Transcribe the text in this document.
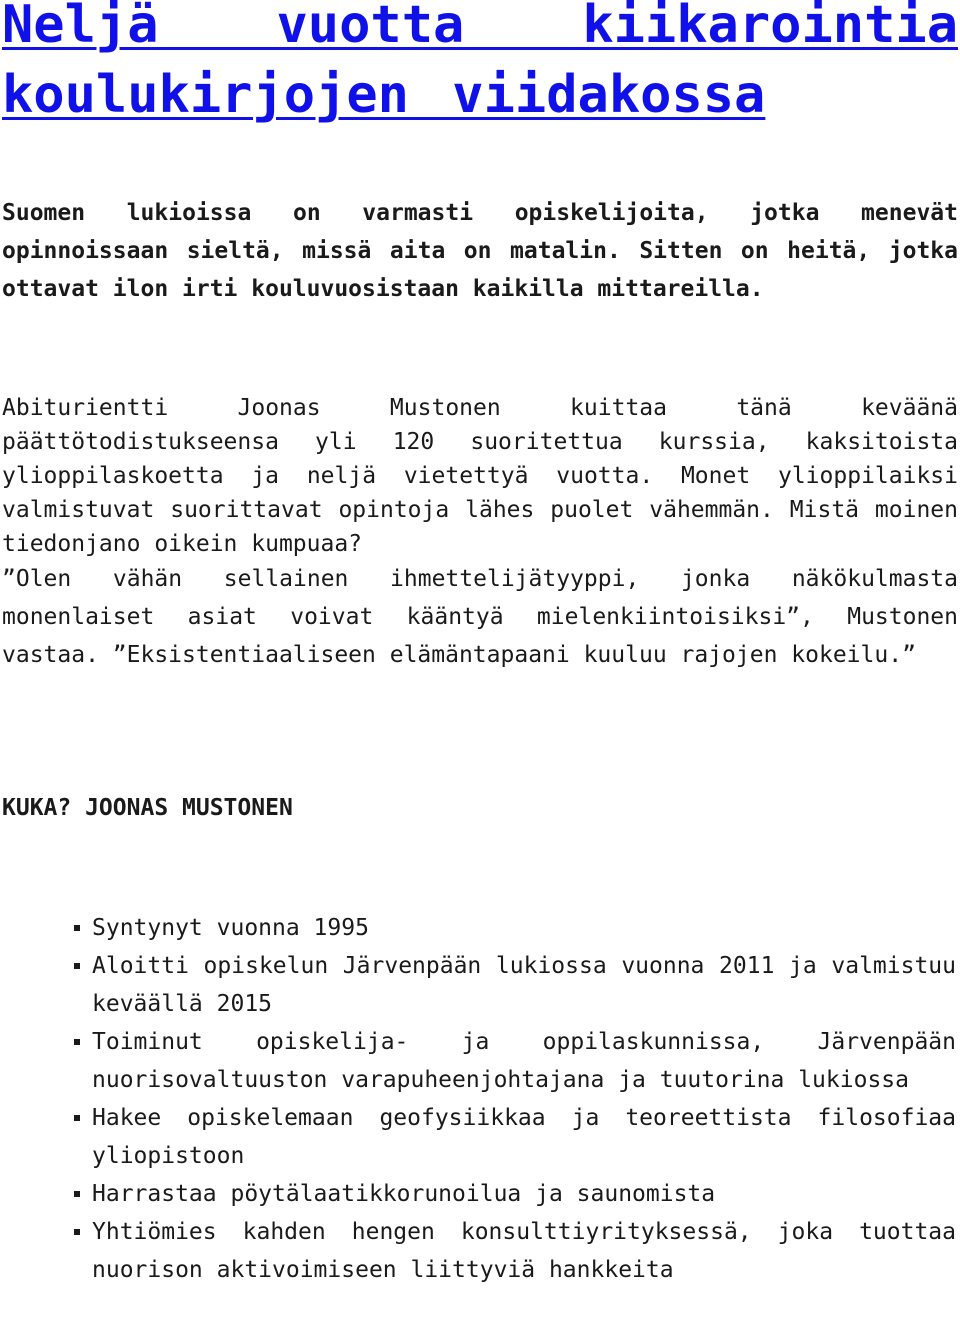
Neljä vuotta kiikarointia koulukirjojen viidakossa

Suomen lukioissa on varmasti opiskelijoita, jotka menevät opinnoissaan sieltä, missä aita on matalin. Sitten on heitä, jotka ottavat ilon irti kouluvuosistaan kaikilla mittareilla.

Abiturientti Joonas Mustonen kuittaa tänä keväänä päättötodistukseensa yli 120 suoritettua kurssia, kaksitoista ylioppilaskoetta ja neljä vietettyä vuotta. Monet ylioppilaiksi valmistuvat suorittavat opintoja lähes puolet vähemmän. Mistä moinen tiedonjano oikein kumpuaa?

”Olen vähän sellainen ihmettelijätyyppi, jonka näkökulmasta monenlaiset asiat voivat kääntyä mielenkiintoisiksi”, Mustonen vastaa. ”Eksistentiaaliseen elämäntapaani kuuluu rajojen kokeilu.”

KUKA? JOONAS MUSTONEN
Syntynyt vuonna 1995
Aloitti opiskelun Järvenpään lukiossa vuonna 2011 ja valmistuu keväällä 2015
Toiminut opiskelija- ja oppilaskunnissa, Järvenpään nuorisovaltuuston varapuheenjohtajana ja tuutorina lukiossa
Hakee opiskelemaan geofysiikkaa ja teoreettista filosofiaa yliopistoon
Harrastaa pöytälaatikkorunoilua ja saunomista
Yhtiömies kahden hengen konsulttiyrityksessä, joka tuottaa nuorison aktivoimiseen liittyviä hankkeita
